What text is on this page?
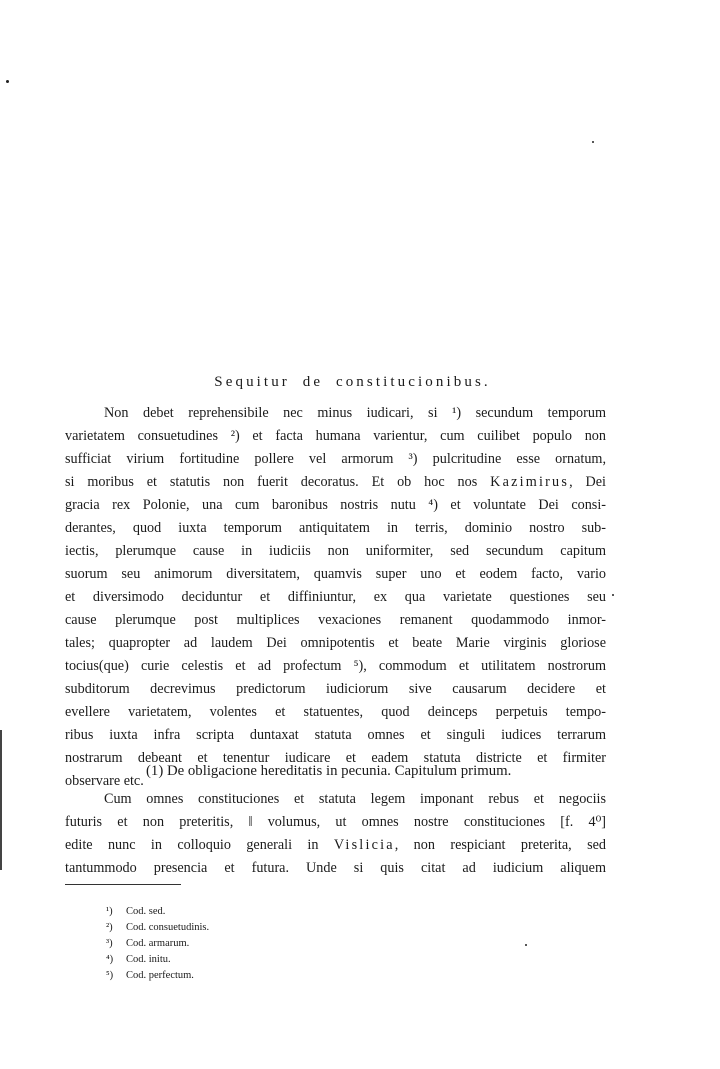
Sequitur de constitucionibus.
Non debet reprehensibile nec minus iudicari, si ¹) secundum temporum
varietatem consuetudines ²) et facta humana varientur, cum cuilibet populo non
sufficiat virium fortitudine pollere vel armorum ³) pulcritudine esse ornatum,
si moribus et statutis non fuerit decoratus. Et ob hoc nos Kazimirus, Dei
gracia rex Polonie, una cum baronibus nostris nutu ⁴) et voluntate Dei consi-
derantes, quod iuxta temporum antiquitatem in terris, dominio nostro sub-
iectis, plerumque cause in iudiciis non uniformiter, sed secundum capitum
suorum seu animorum diversitatem, quamvis super uno et eodem facto, vario
et diversimodo deciduntur et diffiniuntur, ex qua varietate questiones seu
cause plerumque post multiplices vexaciones remanent quodammodo inmor-
tales; quapropter ad laudem Dei omnipotentis et beate Marie virginis gloriose
tocius(que) curie celestis et ad profectum ⁵), commodum et utilitatem nostrorum
subditorum decrevimus predictorum iudiciorum sive causarum decidere et
evellere varietatem, volentes et statuentes, quod deinceps perpetuis tempo-
ribus iuxta infra scripta duntaxat statuta omnes et singuli iudices terrarum
nostrarum debeant et tenentur iudicare et eadem statuta districte et firmiter
(1) De obligacione hereditatis in pecunia. Capitulum primum.
Cum omnes constituciones et statuta legem imponant rebus et negociis
futuris et non preteritis, ‖ volumus, ut omnes nostre constituciones [f. 4⁰]
edite nunc in colloquio generali in Vislicia, non respiciant preterita, sed
tantummodo presencia et futura. Unde si quis citat ad iudicium aliquem
¹) Cod. sed.
²) Cod. consuetudinis.
³) Cod. armarum.
⁴) Cod. initu.
⁵) Cod. perfectum.
observare etc.
